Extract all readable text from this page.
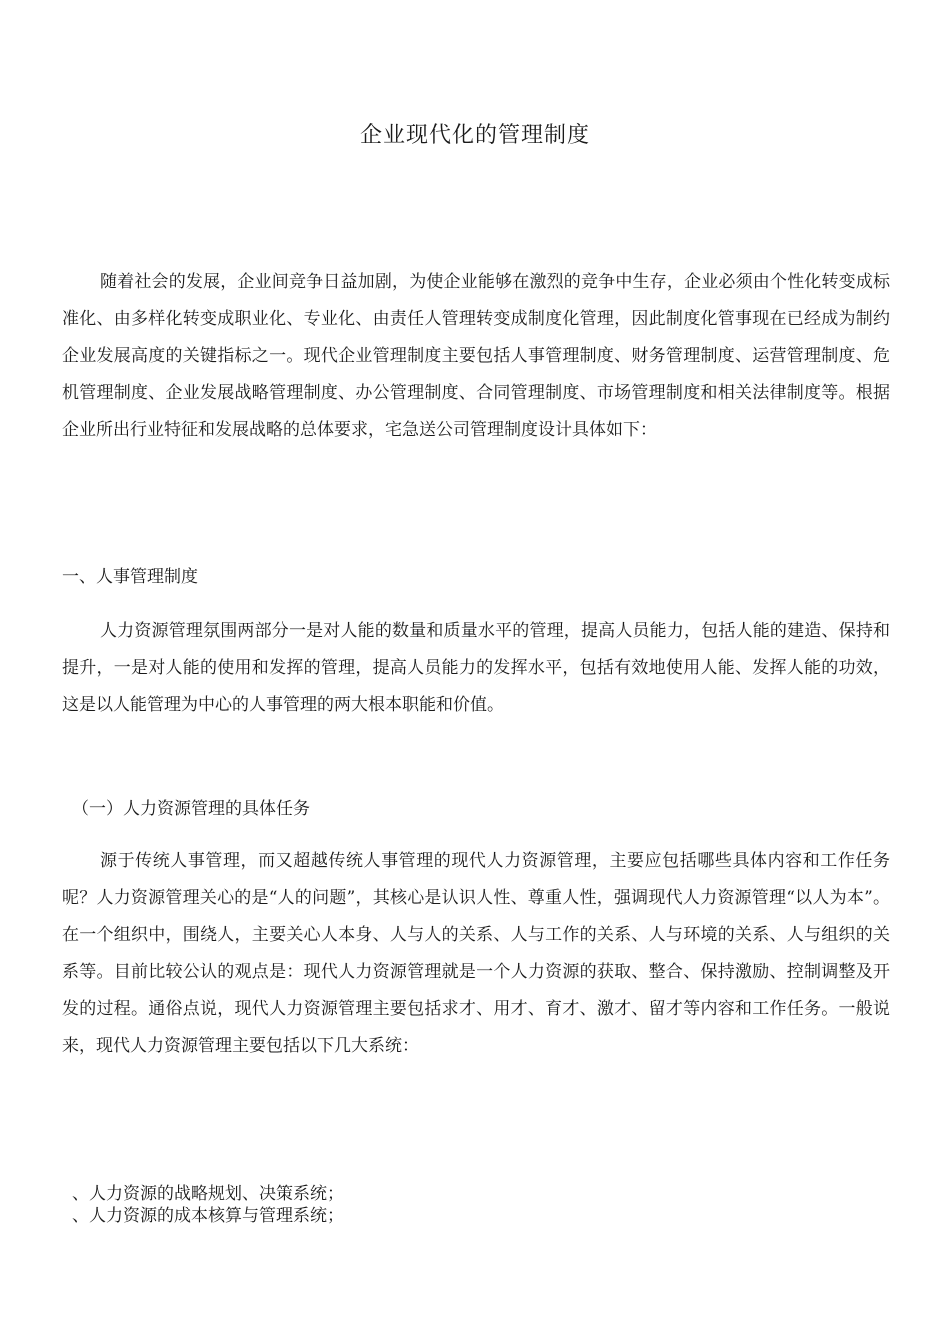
企业现代化的管理制度
随着社会的发展，企业间竞争日益加剧，为使企业能够在激烈的竞争中生存，企业必须由个性化转变成标准化、由多样化转变成职业化、专业化、由责任人管理转变成制度化管理，因此制度化管事现在已经成为制约企业发展高度的关键指标之一。现代企业管理制度主要包括人事管理制度、财务管理制度、运营管理制度、危机管理制度、企业发展战略管理制度、办公管理制度、合同管理制度、市场管理制度和相关法律制度等。根据企业所出行业特征和发展战略的总体要求，宅急送公司管理制度设计具体如下：
一、人事管理制度
人力资源管理氛围两部分一是对人能的数量和质量水平的管理，提高人员能力，包括人能的建造、保持和提升，一是对人能的使用和发挥的管理，提高人员能力的发挥水平，包括有效地使用人能、发挥人能的功效，这是以人能管理为中心的人事管理的两大根本职能和价值。
（一）人力资源管理的具体任务
源于传统人事管理，而又超越传统人事管理的现代人力资源管理，主要应包括哪些具体内容和工作任务呢？人力资源管理关心的是“人的问题”，其核心是认识人性、尊重人性，强调现代人力资源管理“以人为本”。在一个组织中，围绕人，主要关心人本身、人与人的关系、人与工作的关系、人与环境的关系、人与组织的关系等。目前比较公认的观点是：现代人力资源管理就是一个人力资源的获取、整合、保持激励、控制调整及开发的过程。通俗点说，现代人力资源管理主要包括求才、用才、育才、激才、留才等内容和工作任务。一般说来，现代人力资源管理主要包括以下几大系统：
、人力资源的战略规划、决策系统；
、人力资源的成本核算与管理系统；
